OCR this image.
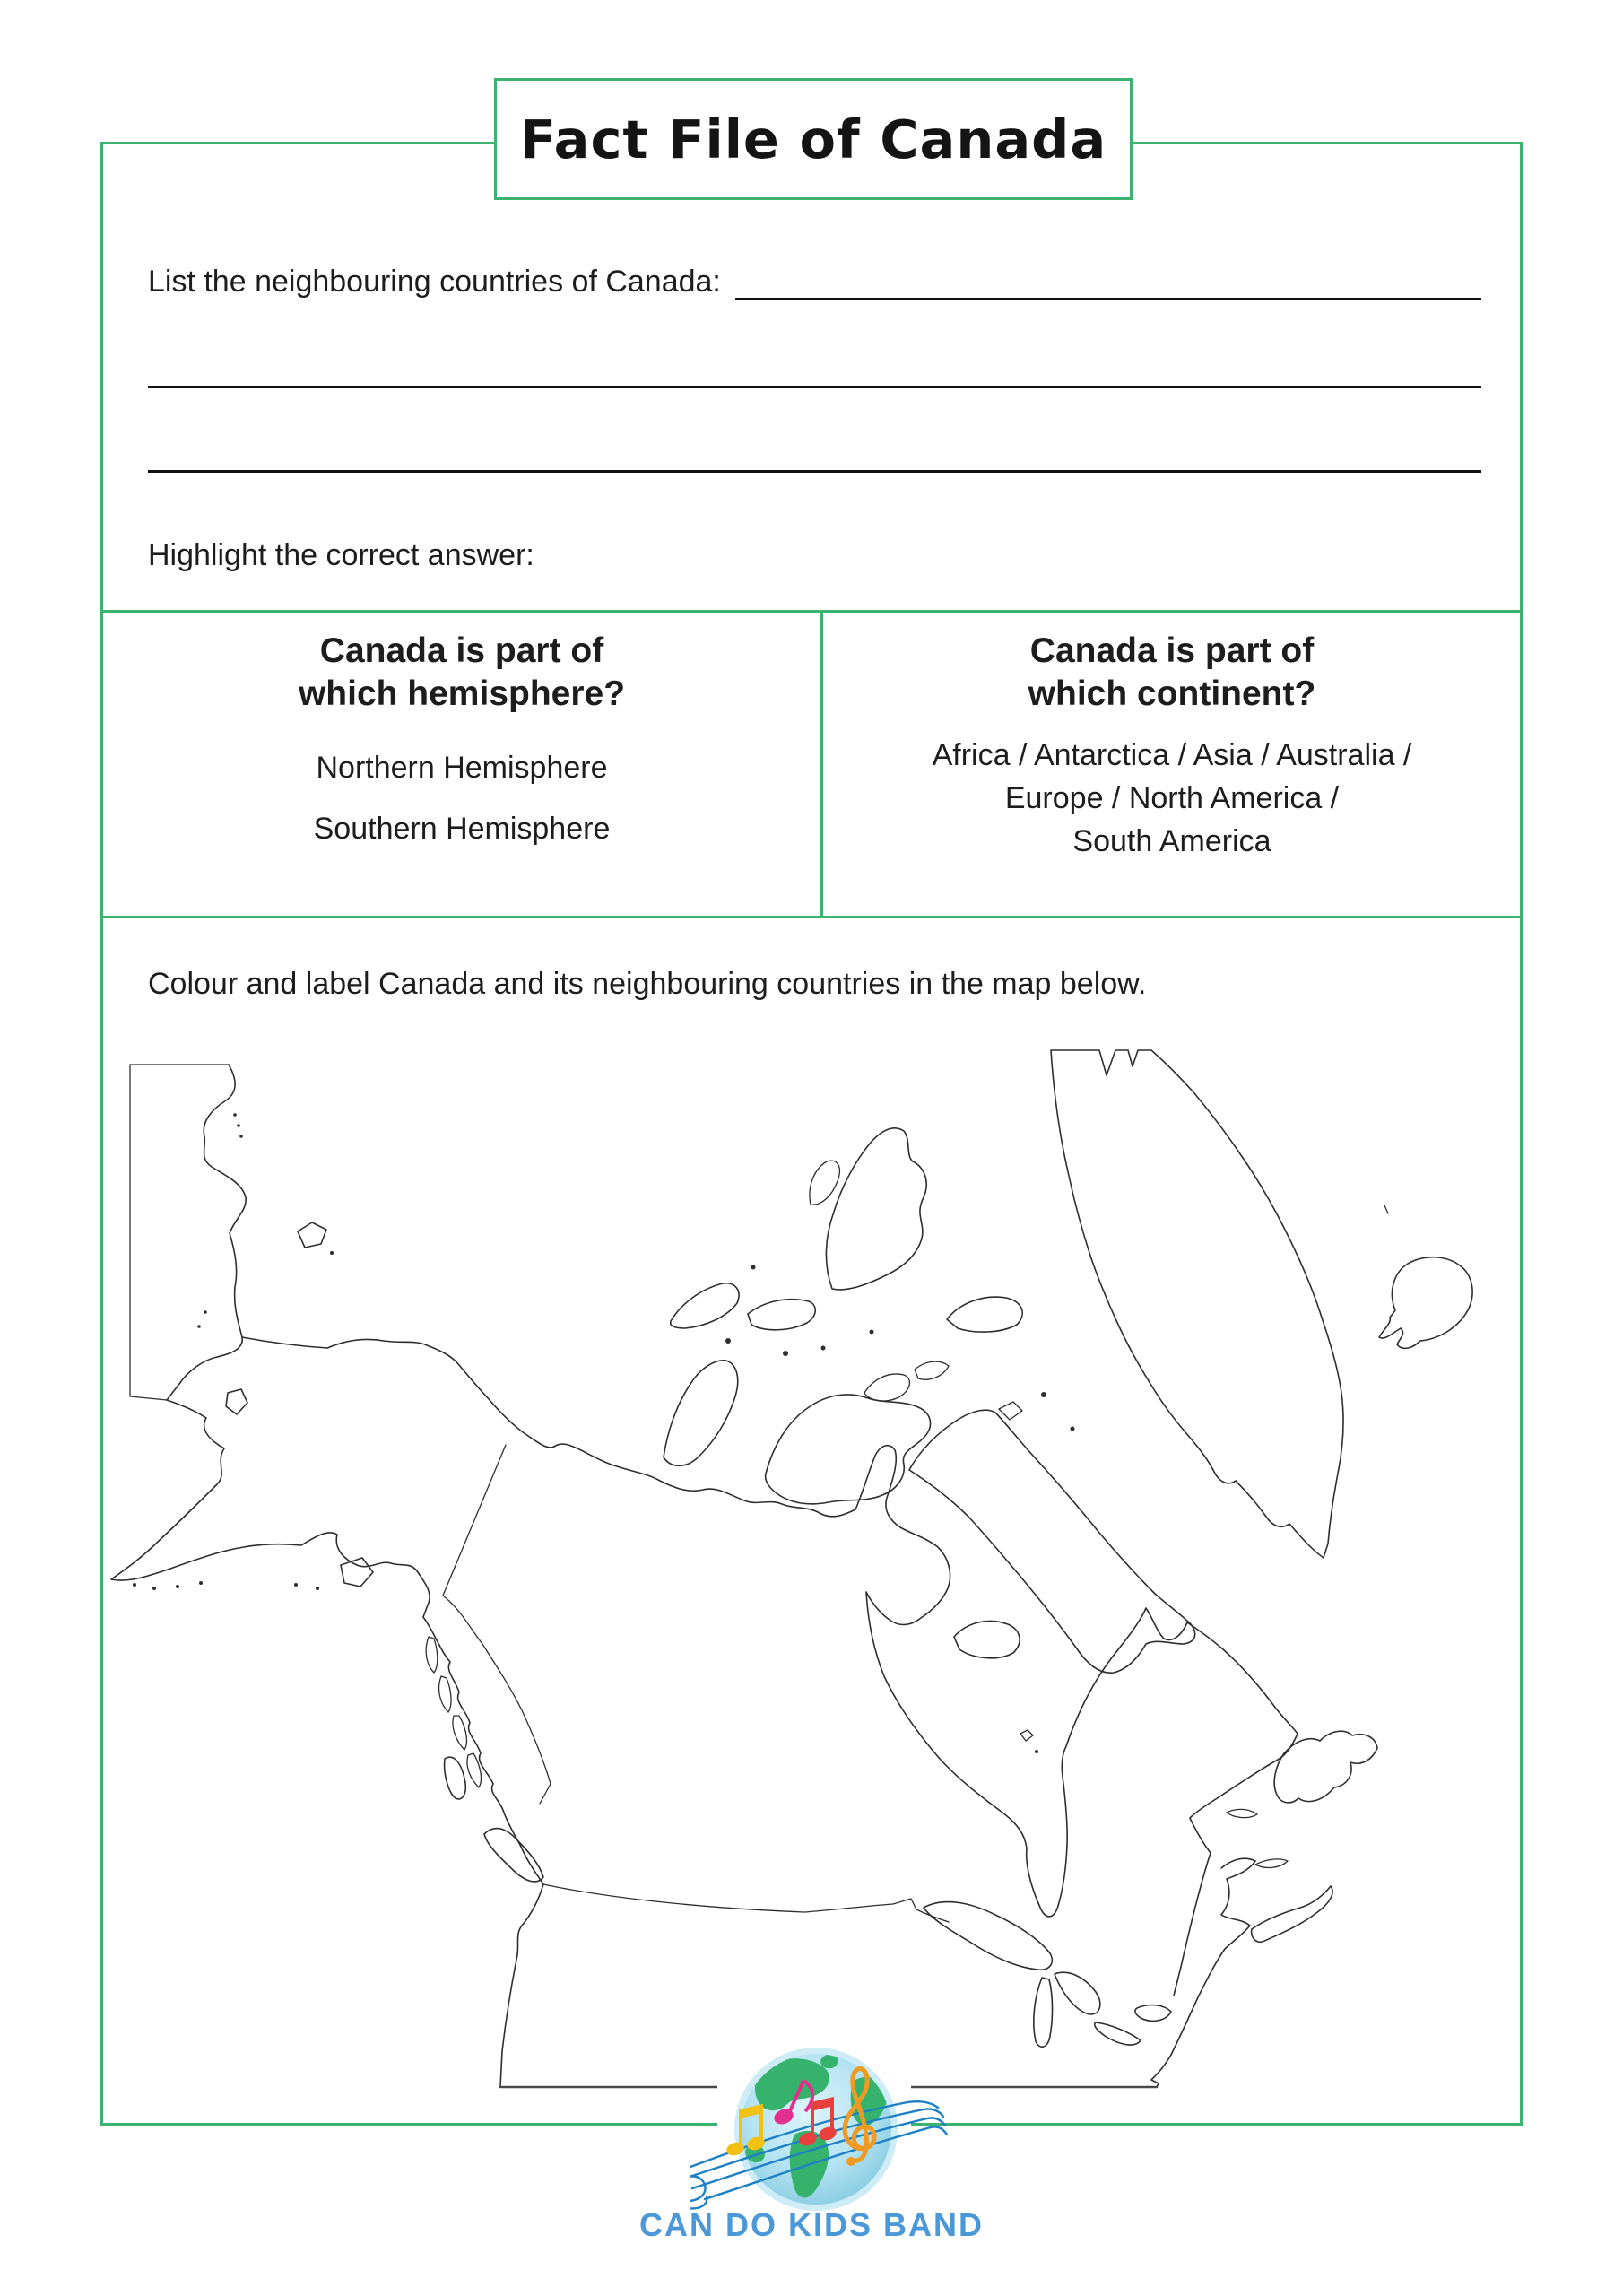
Fact File of Canada
List the neighbouring countries of Canada:
Highlight the correct answer:
Canada is part of
which hemisphere?
Northern Hemisphere
Southern Hemisphere
Canada is part of
which continent?
Africa / Antarctica / Asia / Australia /
Europe / North America /
South America
Colour and label Canada and its neighbouring countries in the map below.
CAN DO KIDS BAND
